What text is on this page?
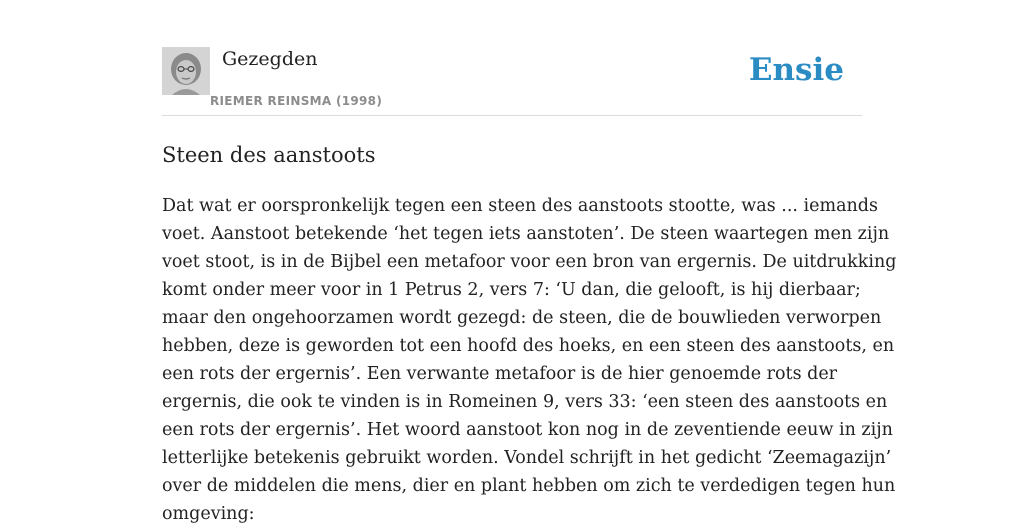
Gezegden
RIEMER REINSMA (1998)
Ensie
Steen des aanstoots

Dat wat er oorspronkelijk tegen een steen des aanstoots stootte, was ... iemands
voet. Aanstoot betekende ‘het tegen iets aanstoten’. De steen waartegen men zijn
voet stoot, is in de Bijbel een metafoor voor een bron van ergernis. De uitdrukking
komt onder meer voor in 1 Petrus 2, vers 7: ‘U dan, die gelooft, is hij dierbaar;
maar den ongehoorzamen wordt gezegd: de steen, die de bouwlieden verworpen
hebben, deze is geworden tot een hoofd des hoeks, en een steen des aanstoots, en
een rots der ergernis’. Een verwante metafoor is de hier genoemde rots der
ergernis, die ook te vinden is in Romeinen 9, vers 33: ‘een steen des aanstoots en
een rots der ergernis’. Het woord aanstoot kon nog in de zeventiende eeuw in zijn
letterlijke betekenis gebruikt worden. Vondel schrijft in het gedicht ‘Zeemagazijn’
over de middelen die mens, dier en plant hebben om zich te verdedigen tegen hun
omgeving:
